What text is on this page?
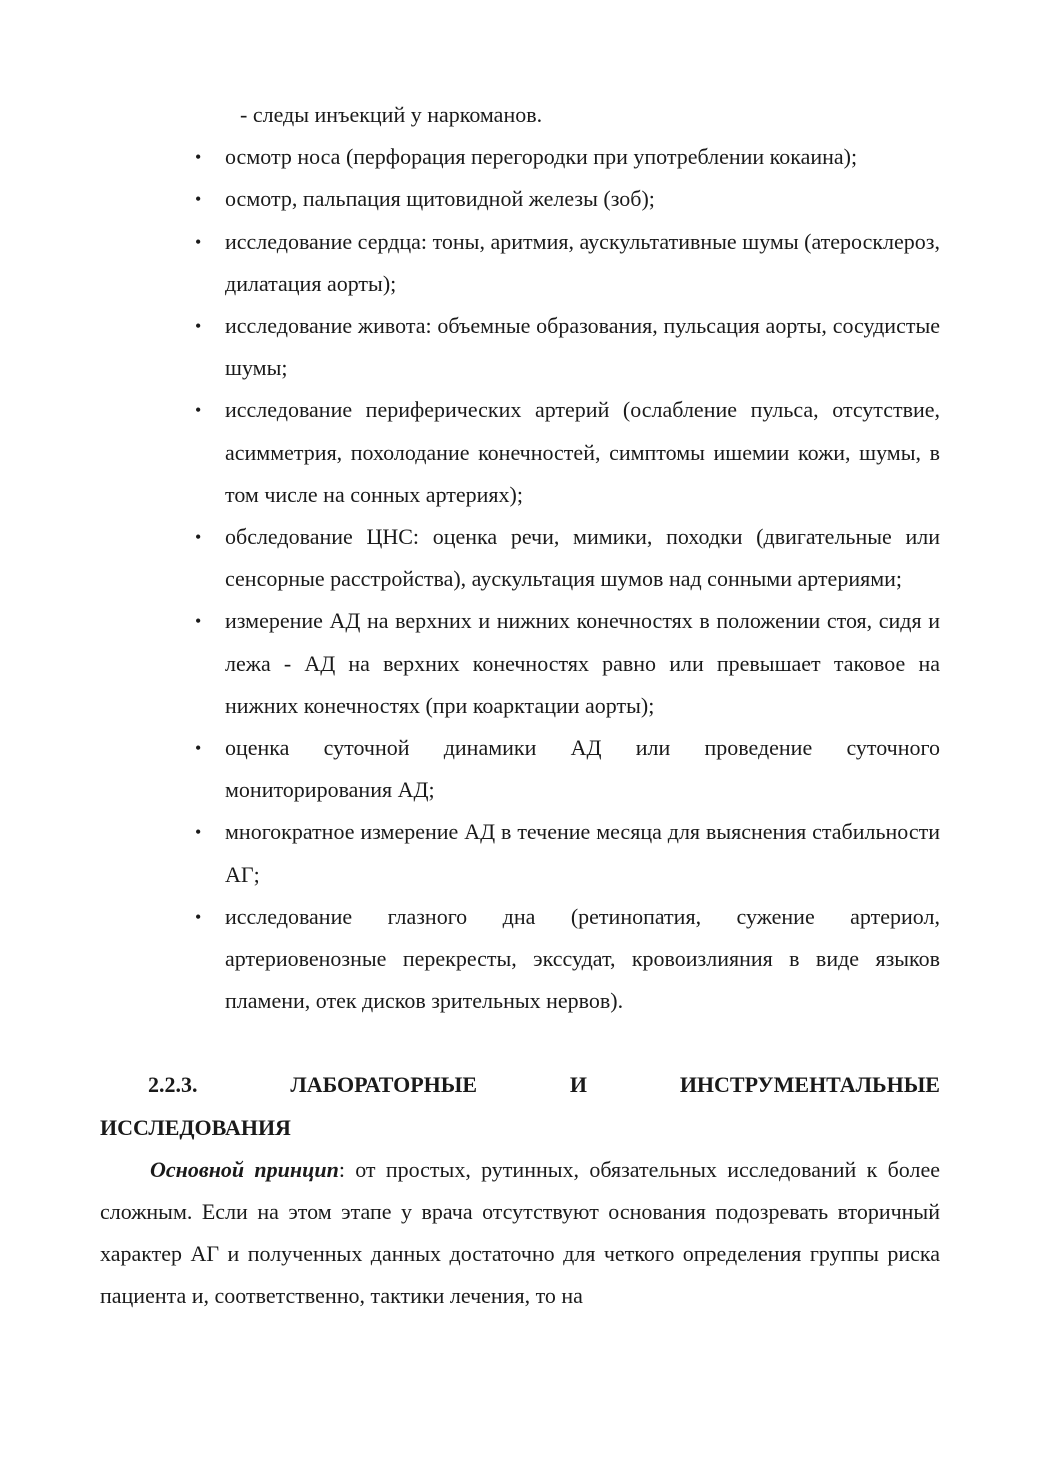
- следы инъекций у наркоманов.
• осмотр носа (перфорация перегородки при употреблении кокаина);
• осмотр, пальпация щитовидной железы (зоб);
• исследование сердца: тоны, аритмия, аускультативные шумы (атеросклероз, дилатация аорты);
• исследование живота: объемные образования, пульсация аорты, сосудистые шумы;
• исследование периферических артерий (ослабление пульса, отсутствие, асимметрия, похолодание конечностей, симптомы ишемии кожи, шумы, в том числе на сонных артериях);
• обследование ЦНС: оценка речи, мимики, походки (двигательные или сенсорные расстройства), аускультация шумов над сонными артериями;
• измерение АД на верхних и нижних конечностях в положении стоя, сидя и лежа - АД на верхних конечностях равно или превышает таковое на нижних конечностях (при коарктации аорты);
• оценка суточной динамики АД или проведение суточного мониторирования АД;
• многократное измерение АД в течение месяца для выяснения стабильности АГ;
• исследование глазного дна (ретинопатия, сужение артериол, артериовенозные перекресты, экссудат, кровоизлияния в виде языков пламени, отек дисков зрительных нервов).
2.2.3.	ЛАБОРАТОРНЫЕ	И	ИНСТРУМЕНТАЛЬНЫЕ
ИССЛЕДОВАНИЯ
Основной принцип: от простых, рутинных, обязательных исследований к более сложным. Если на этом этапе у врача отсутствуют основания подозревать вторичный характер АГ и полученных данных достаточно для четкого определения группы риска пациента и, соответственно, тактики лечения, то на
